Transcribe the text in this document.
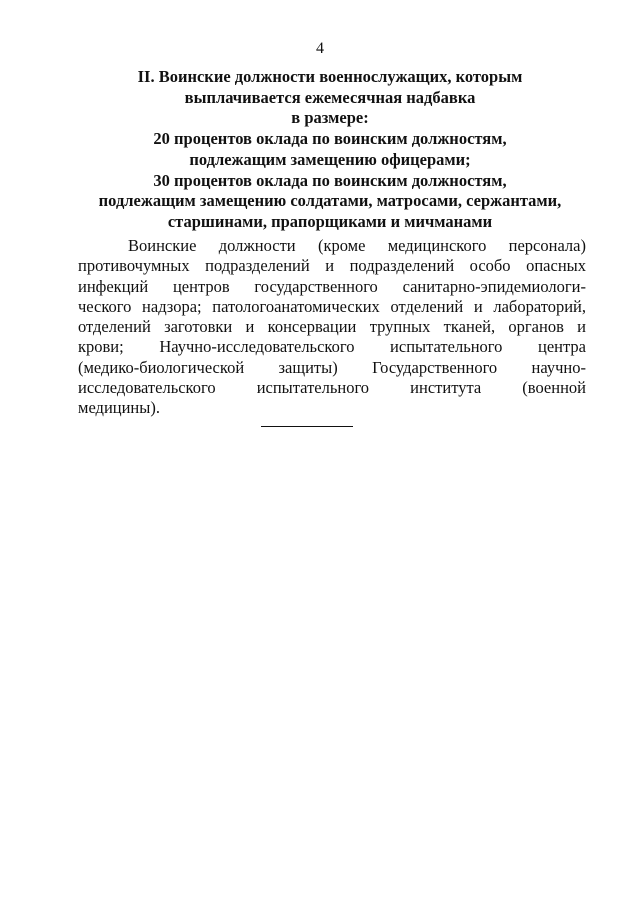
4
II. Воинские должности военнослужащих, которым
выплачивается ежемесячная надбавка
в размере:
20 процентов оклада по воинским должностям,
подлежащим замещению офицерами;
30 процентов оклада по воинским должностям,
подлежащим замещению солдатами, матросами, сержантами,
старшинами, прапорщиками и мичманами
Воинские должности (кроме медицинского персонала)
противочумных подразделений и подразделений особо опасных
инфекций центров государственного санитарно-эпидемиологи-
ческого надзора; патологоанатомических отделений и лабораторий,
отделений заготовки и консервации трупных тканей, органов и
крови; Научно-исследовательского испытательного центра
(медико-биологической защиты) Государственного научно-
исследовательского испытательного института (военной
медицины).
